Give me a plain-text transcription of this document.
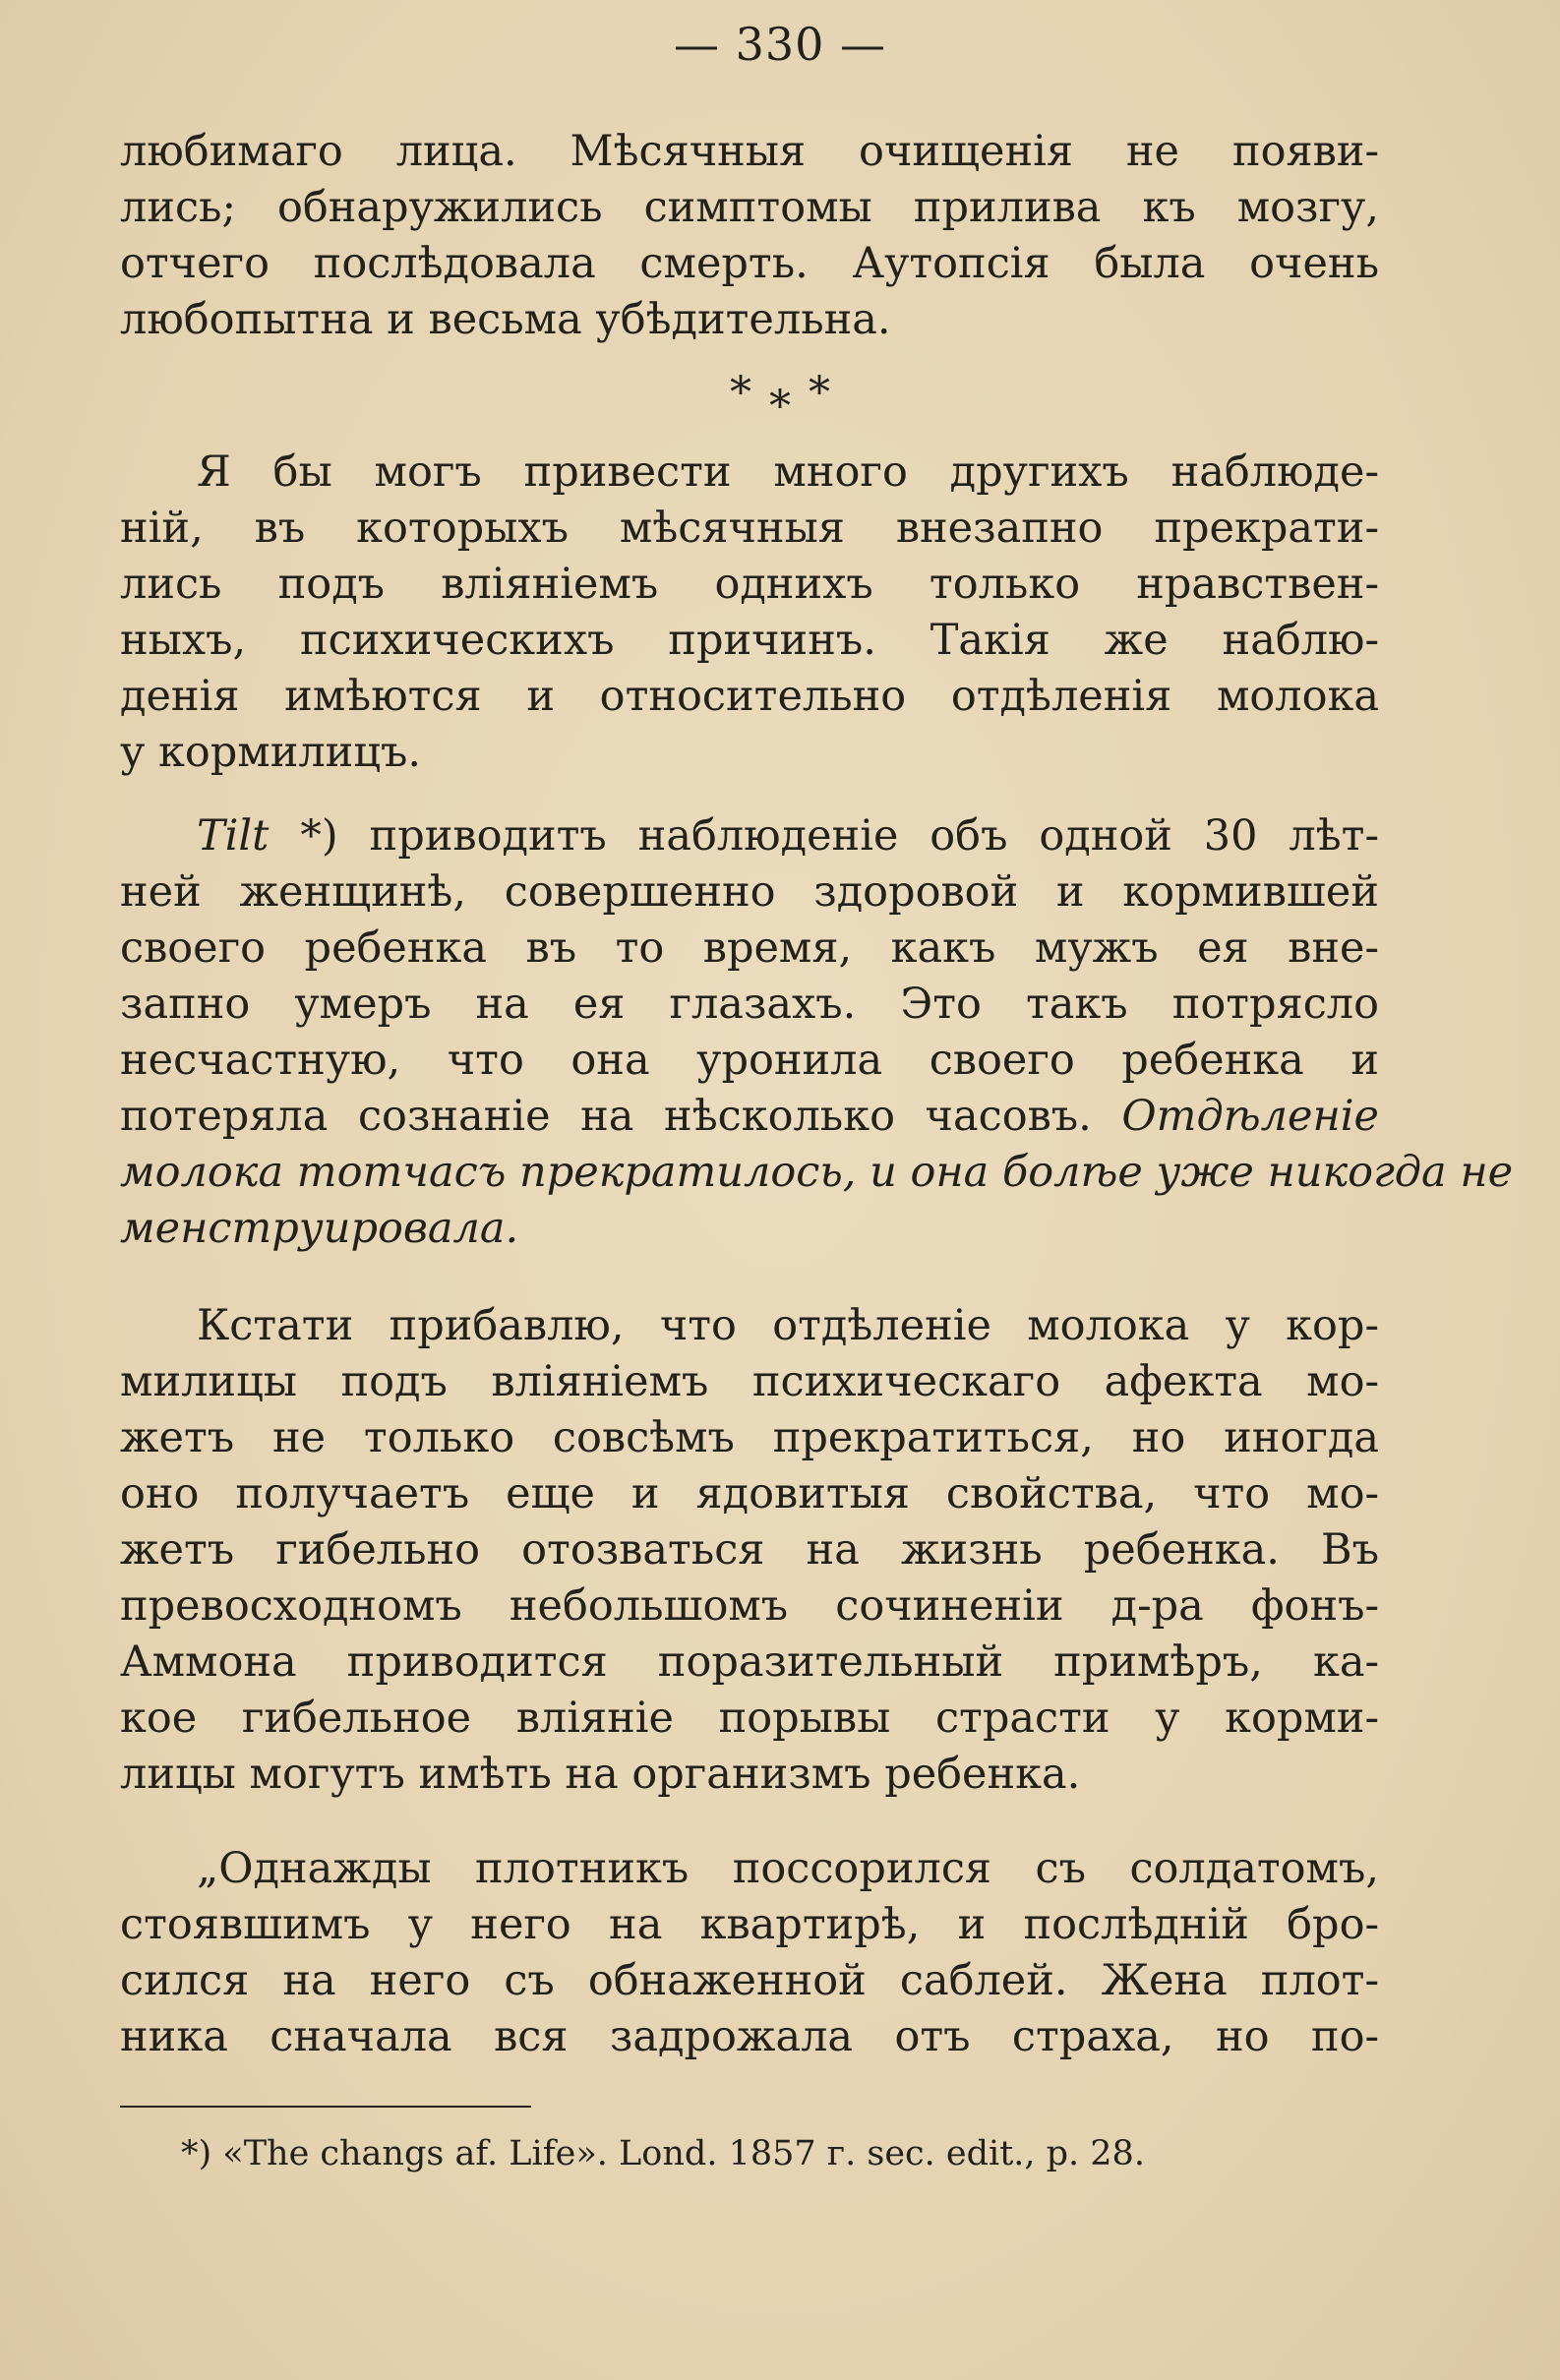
— 330 —
любимаго лица. Мѣсячныя очищенія не появи-
лись; обнаружились симптомы прилива къ мозгу,
отчего послѣдовала смерть. Аутопсія была очень
любопытна и весьма убѣдительна.
* * *
Я бы могъ привести много другихъ наблюде-
ній, въ которыхъ мѣсячныя внезапно прекрати-
лись подъ вліяніемъ однихъ только нравствен-
ныхъ, психическихъ причинъ. Такія же наблю-
денія имѣются и относительно отдѣленія молока
у кормилицъ.
Tilt *) приводитъ наблюденіе объ одной 30 лѣт-
ней женщинѣ, совершенно здоровой и кормившей
своего ребенка въ то время, какъ мужъ ея вне-
запно умеръ на ея глазахъ. Это такъ потрясло
несчастную, что она уронила своего ребенка и
потеряла сознаніе на нѣсколько часовъ. Отдѣленіе
молока тотчасъ прекратилось, и она болѣе уже никогда не
менструировала.
Кстати прибавлю, что отдѣленіе молока у кор-
милицы подъ вліяніемъ психическаго афекта мо-
жетъ не только совсѣмъ прекратиться, но иногда
оно получаетъ еще и ядовитыя свойства, что мо-
жетъ гибельно отозваться на жизнь ребенка. Въ
превосходномъ небольшомъ сочиненіи д-ра фонъ-
Аммона приводится поразительный примѣръ, ка-
кое гибельное вліяніе порывы страсти у корми-
лицы могутъ имѣть на организмъ ребенка.
„Однажды плотникъ поссорился съ солдатомъ,
стоявшимъ у него на квартирѣ, и послѣдній бро-
сился на него съ обнаженной саблей. Жена плот-
ника сначала вся задрожала отъ страха, но по-
*) «The changs af. Life». Lond. 1857 г. sec. edit., p. 28.
